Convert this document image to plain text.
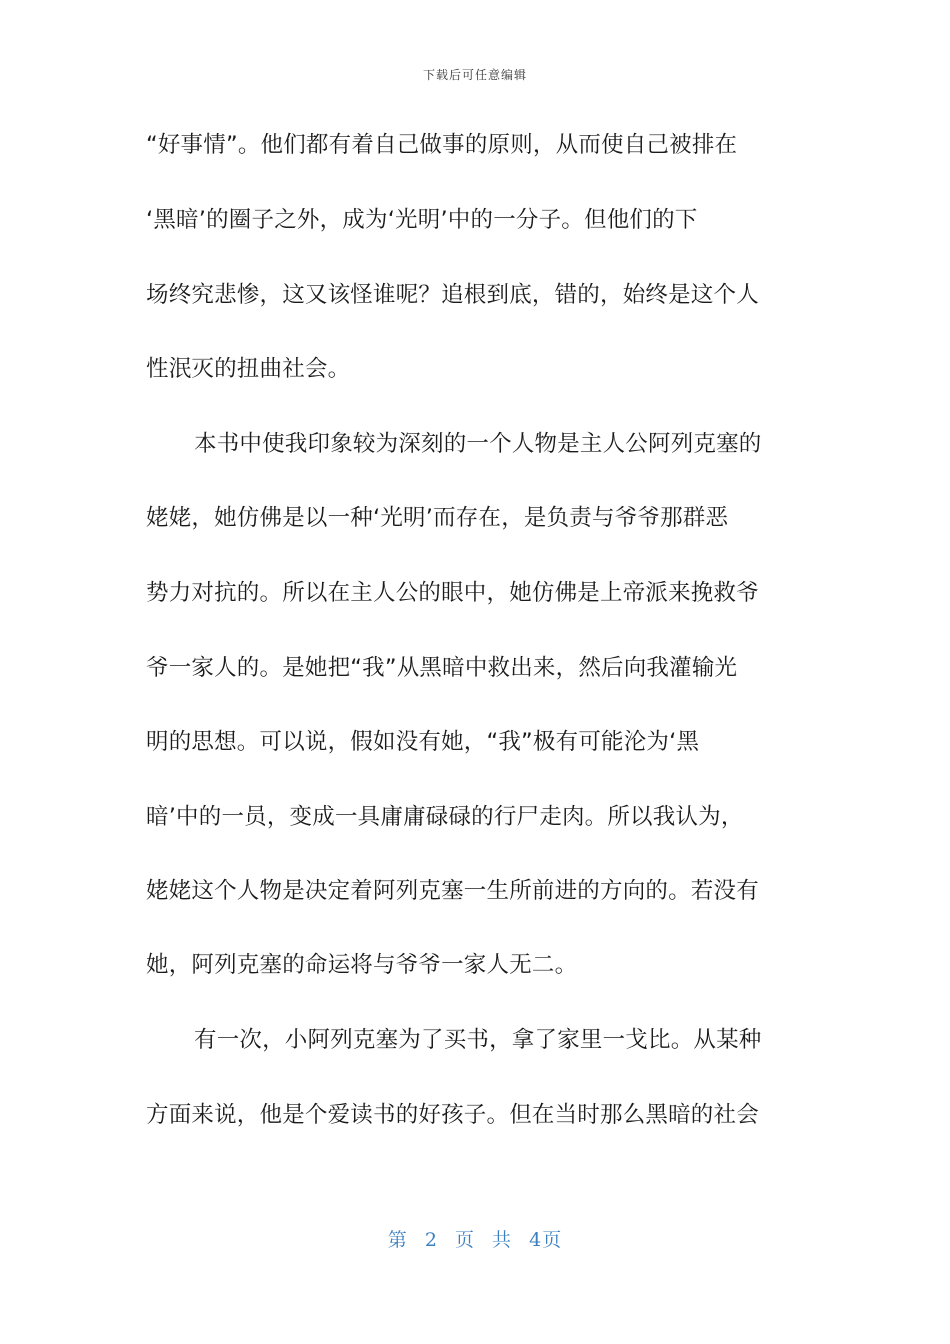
下载后可任意编辑
“好事情”。他们都有着自己做事的原则，从而使自己被排在
‘黑暗’的圈子之外，成为‘光明’中的一分子。但他们的下
场终究悲惨，这又该怪谁呢？追根到底，错的，始终是这个人
性泯灭的扭曲社会。
本书中使我印象较为深刻的一个人物是主人公阿列克塞的
姥姥，她仿佛是以一种‘光明’而存在，是负责与爷爷那群恶
势力对抗的。所以在主人公的眼中，她仿佛是上帝派来挽救爷
爷一家人的。是她把“我”从黑暗中救出来，然后向我灌输光
明的思想。可以说，假如没有她，“我”极有可能沦为‘黑
暗’中的一员，变成一具庸庸碌碌的行尸走肉。所以我认为，
姥姥这个人物是决定着阿列克塞一生所前进的方向的。若没有
她，阿列克塞的命运将与爷爷一家人无二。
有一次，小阿列克塞为了买书，拿了家里一戈比。从某种
方面来说，他是个爱读书的好孩子。但在当时那么黑暗的社会
第 2 页 共 4页
